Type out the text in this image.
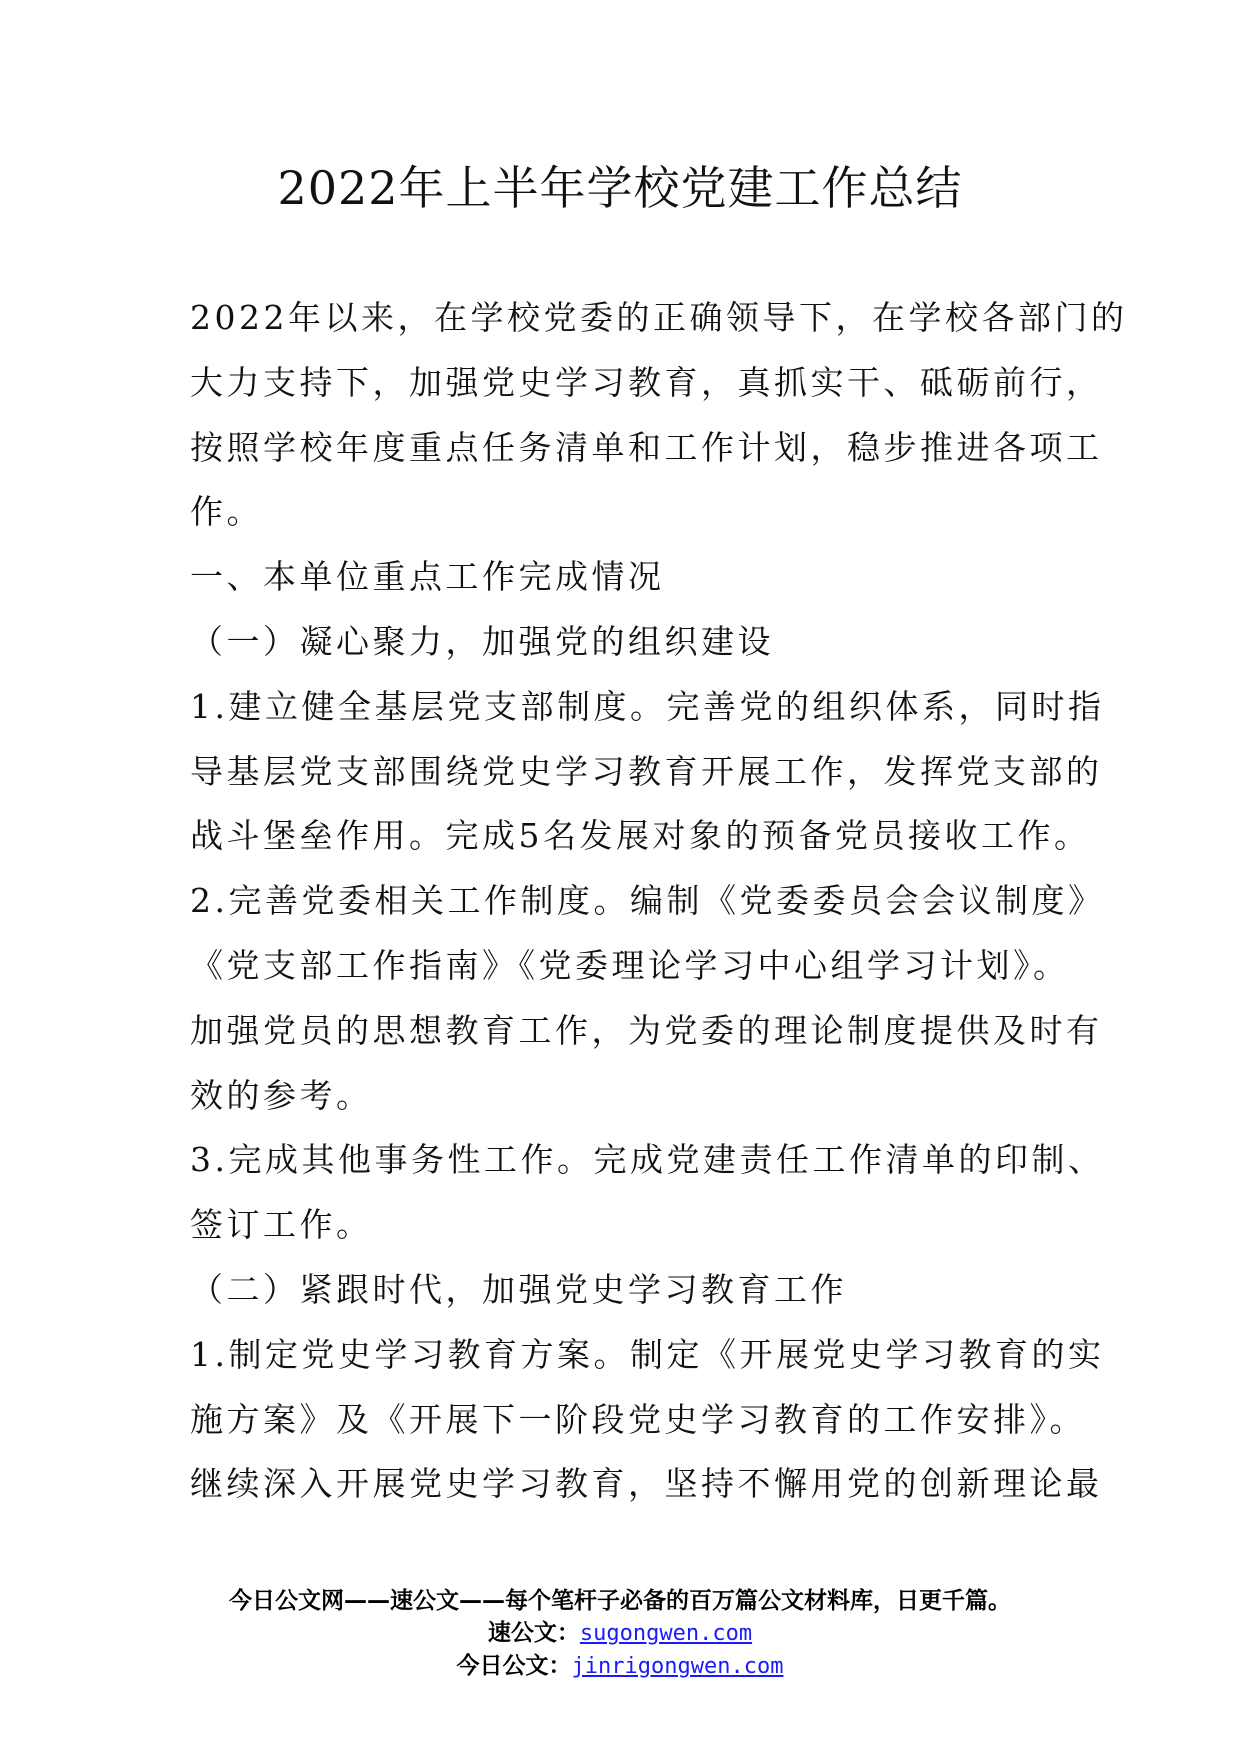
2022年上半年学校党建工作总结
2022年以来，在学校党委的正确领导下，在学校各部门的
大力支持下，加强党史学习教育，真抓实干、砥砺前行，
按照学校年度重点任务清单和工作计划，稳步推进各项工
作。
一、本单位重点工作完成情况
（一）凝心聚力，加强党的组织建设
1.建立健全基层党支部制度。完善党的组织体系，同时指
导基层党支部围绕党史学习教育开展工作，发挥党支部的
战斗堡垒作用。完成5名发展对象的预备党员接收工作。
2.完善党委相关工作制度。编制《党委委员会会议制度》
《党支部工作指南》《党委理论学习中心组学习计划》。
加强党员的思想教育工作，为党委的理论制度提供及时有
效的参考。
3.完成其他事务性工作。完成党建责任工作清单的印制、
签订工作。
（二）紧跟时代，加强党史学习教育工作
1.制定党史学习教育方案。制定《开展党史学习教育的实
施方案》及《开展下一阶段党史学习教育的工作安排》。
继续深入开展党史学习教育，坚持不懈用党的创新理论最
今日公文网——速公文——每个笔杆子必备的百万篇公文材料库，日更千篇。
速公文：sugongwen.com
今日公文：jinrigongwen.com
